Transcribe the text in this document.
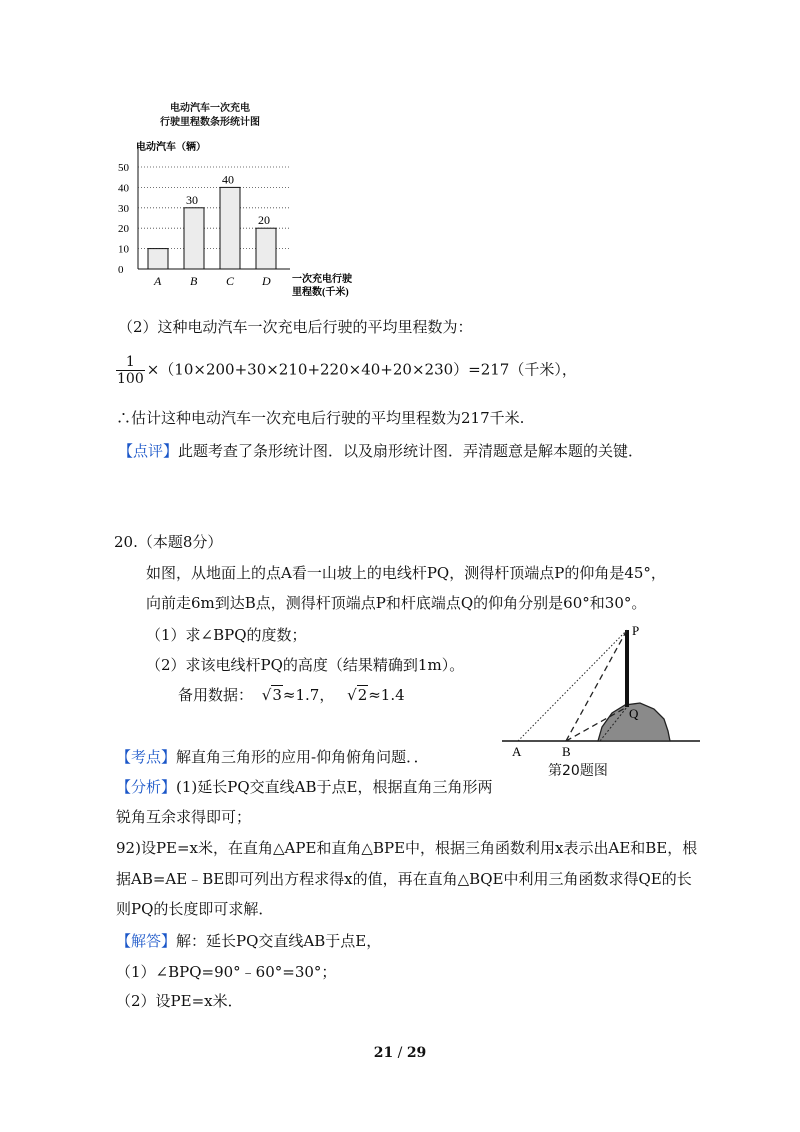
电动汽车一次充电
行驶里程数条形统计图
0
10
20
30
40
50
电动汽车（辆）
一次充电行驶
里程数(千米)
A B
30
C
40
D
20
（2）这种电动汽车一次充电后行驶的平均里程数为：
$\frac{1}{100} \times(10\times 200+30\times 210+220\times 40+20\times 230)=217$（千米），
∴估计这种电动汽车一次充电后行驶的平均里程数为217千米.
【点评】此题考查了条形统计图．以及扇形统计图．弄清题意是解本题的关键．
20.（本题8分）
如图，从地面上的点A看一山坡上的电线杆PQ，测得杆顶端点P的仰角是45°，
向前走6m到达B点，测得杆顶端点P和杆底端点Q的仰角分别是60°和30°。
（1）求∠BPQ的度数；
（2）求该电线杆PQ的高度（结果精确到1m）。
备用数据： √3≈1.7， √2≈1.4
P
Q
A	B
第20题图
【考点】解直角三角形的应用-仰角俯角问题．．
【分析】(1)延长PQ交直线AB于点E，根据直角三角形两
锐角互余求得即可；
92)设PE=x米，在直角△APE和直角△BPE中，根据三角函数利用x表示出AE和BE，根
据AB=AE﹣BE即可列出方程求得x的值，再在直角△BQE中利用三角函数求得QE的长
则PQ的长度即可求解．
【解答】解：延长PQ交直线AB于点E，
（1）∠BPQ=90°﹣60°=30°；
（2）设PE=x米．
21 / 29
